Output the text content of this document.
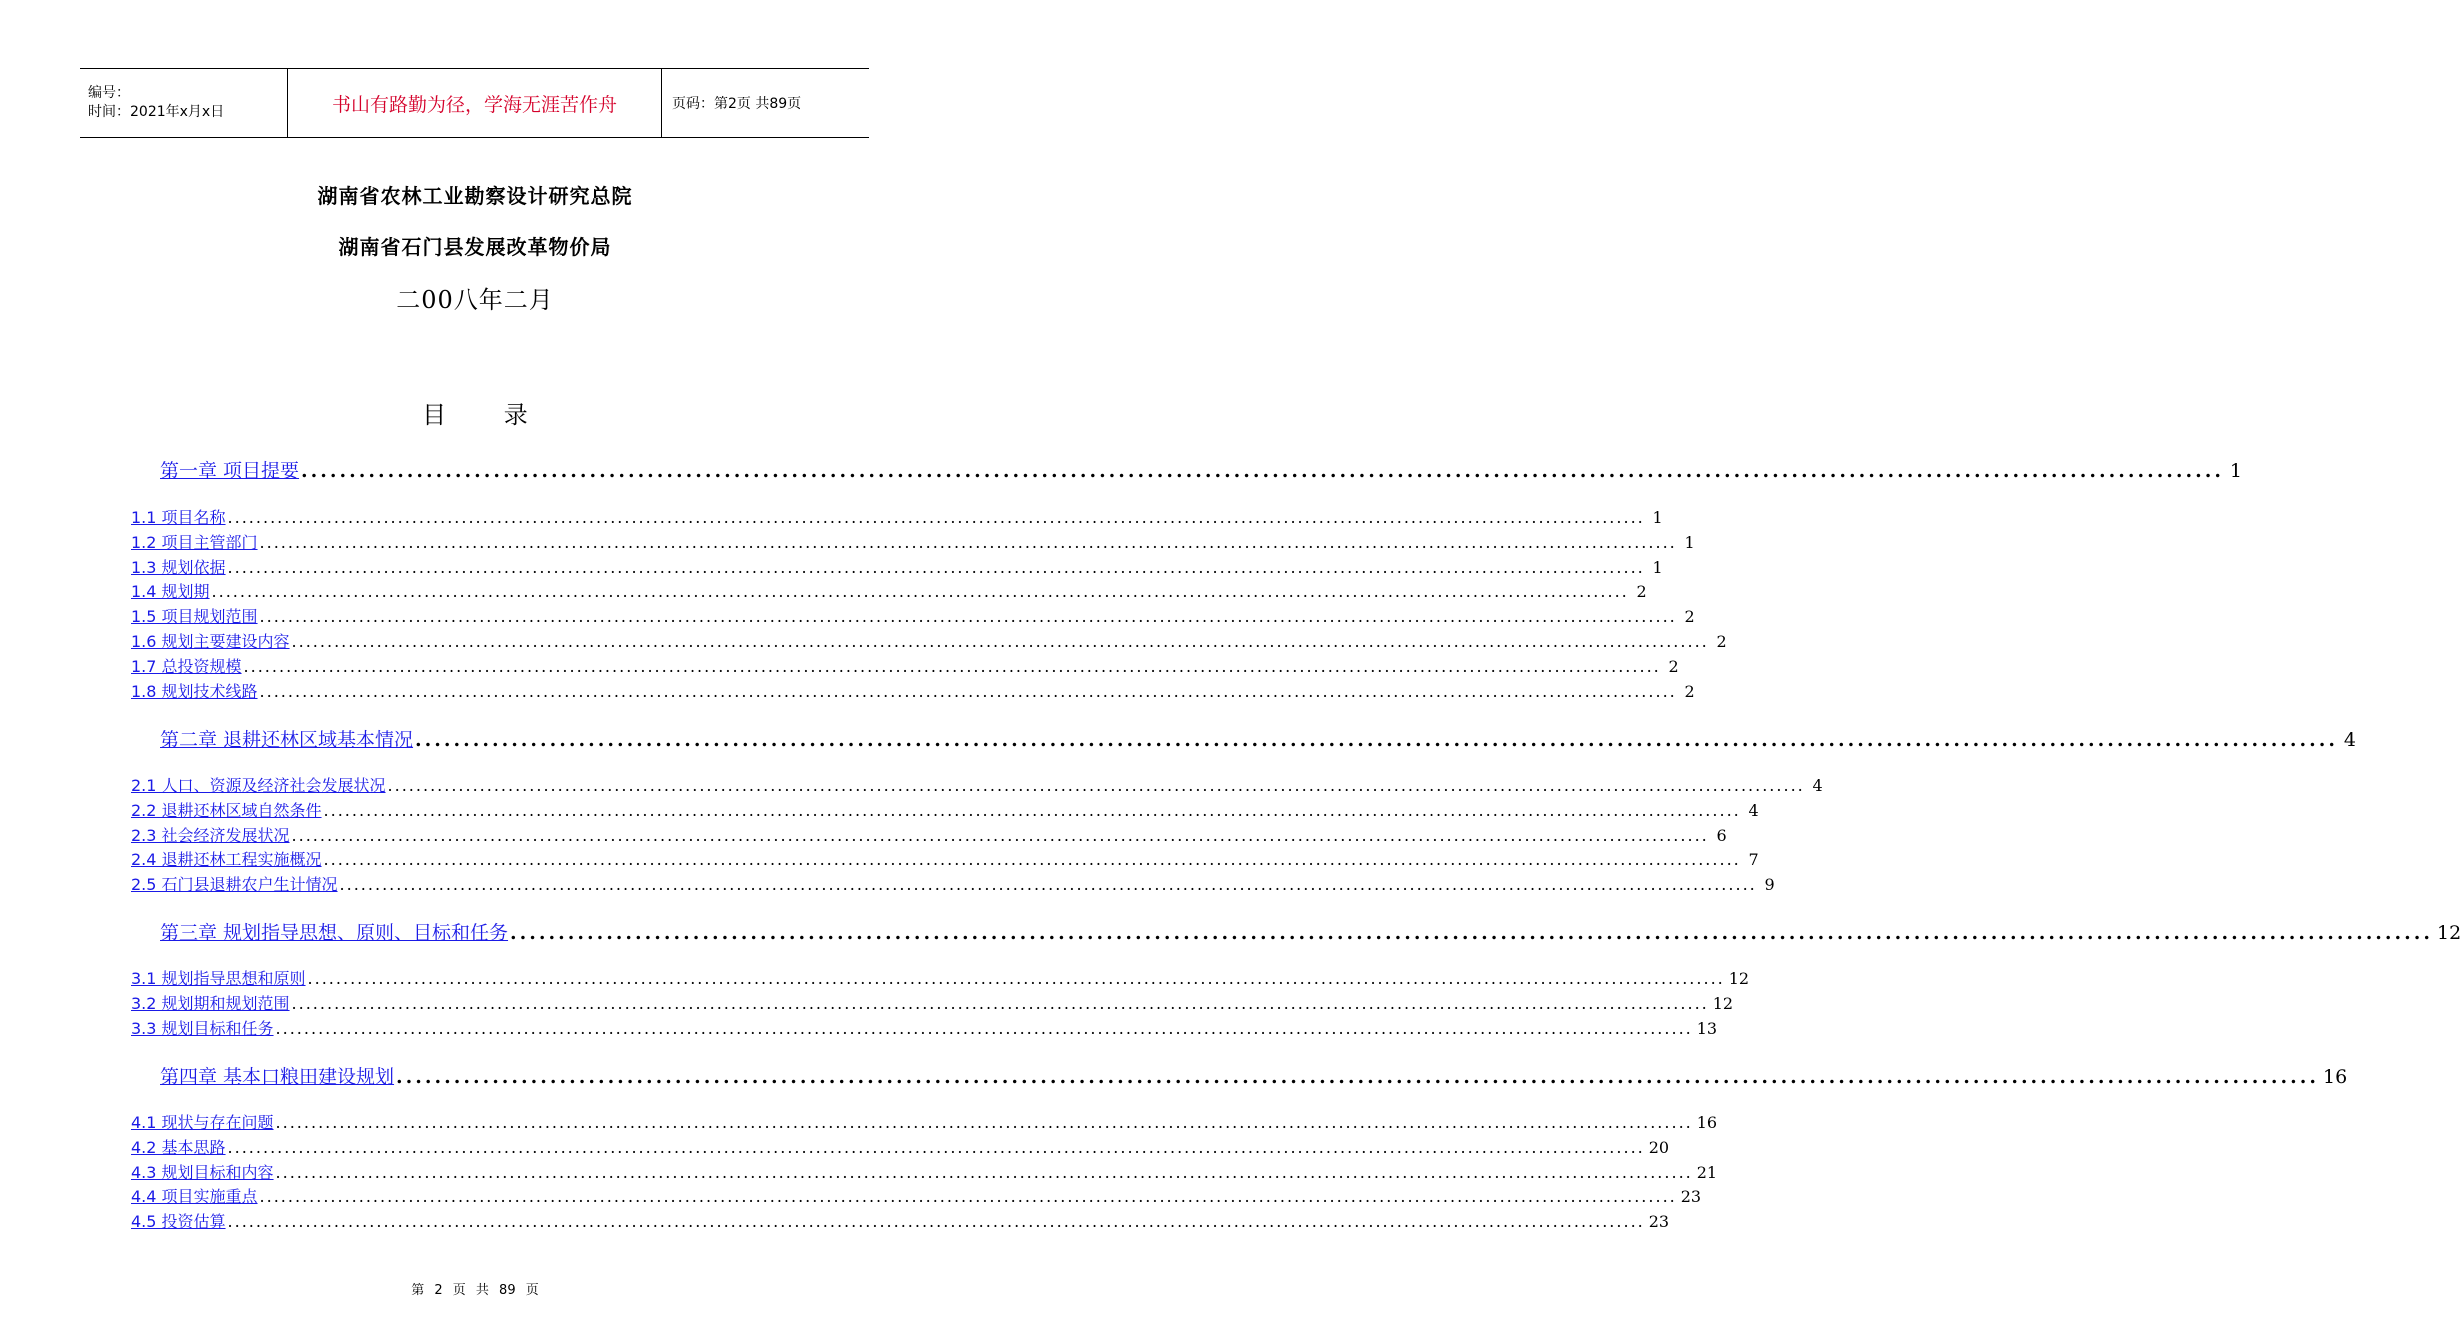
编号：
时间：2021年x月x日	书山有路勤为径，学海无涯苦作舟	页码：第2页 共89页
湖南省农林工业勘察设计研究总院
湖南省石门县发展改革物价局
二00八年二月
目 录
第一章 项目提要 ........................................................................................................................................................................................................ 1
1.1 项目名称 ........................................................................................................................................................................................................ 1
1.2 项目主管部门 ........................................................................................................................................................................................................ 1
1.3 规划依据 ........................................................................................................................................................................................................ 1
1.4 规划期 ........................................................................................................................................................................................................ 2
1.5 项目规划范围 ........................................................................................................................................................................................................ 2
1.6 规划主要建设内容 ........................................................................................................................................................................................................ 2
1.7 总投资规模 ........................................................................................................................................................................................................ 2
1.8 规划技术线路 ........................................................................................................................................................................................................ 2
第二章 退耕还林区域基本情况 ........................................................................................................................................................................................................ 4
2.1 人口、资源及经济社会发展状况 ........................................................................................................................................................................................................ 4
2.2 退耕还林区域自然条件 ........................................................................................................................................................................................................ 4
2.3 社会经济发展状况 ........................................................................................................................................................................................................ 6
2.4 退耕还林工程实施概况 ........................................................................................................................................................................................................ 7
2.5 石门县退耕农户生计情况 ........................................................................................................................................................................................................ 9
第三章 规划指导思想、原则、目标和任务 ........................................................................................................................................................................................................ 12
3.1 规划指导思想和原则 ........................................................................................................................................................................................................ 12
3.2 规划期和规划范围 ........................................................................................................................................................................................................ 12
3.3 规划目标和任务 ........................................................................................................................................................................................................ 13
第四章 基本口粮田建设规划 ........................................................................................................................................................................................................ 16
4.1 现状与存在问题 ........................................................................................................................................................................................................ 16
4.2 基本思路 ........................................................................................................................................................................................................ 20
4.3 规划目标和内容 ........................................................................................................................................................................................................ 21
4.4 项目实施重点 ........................................................................................................................................................................................................ 23
4.5 投资估算 ........................................................................................................................................................................................................ 23
第 2 页 共 89 页
